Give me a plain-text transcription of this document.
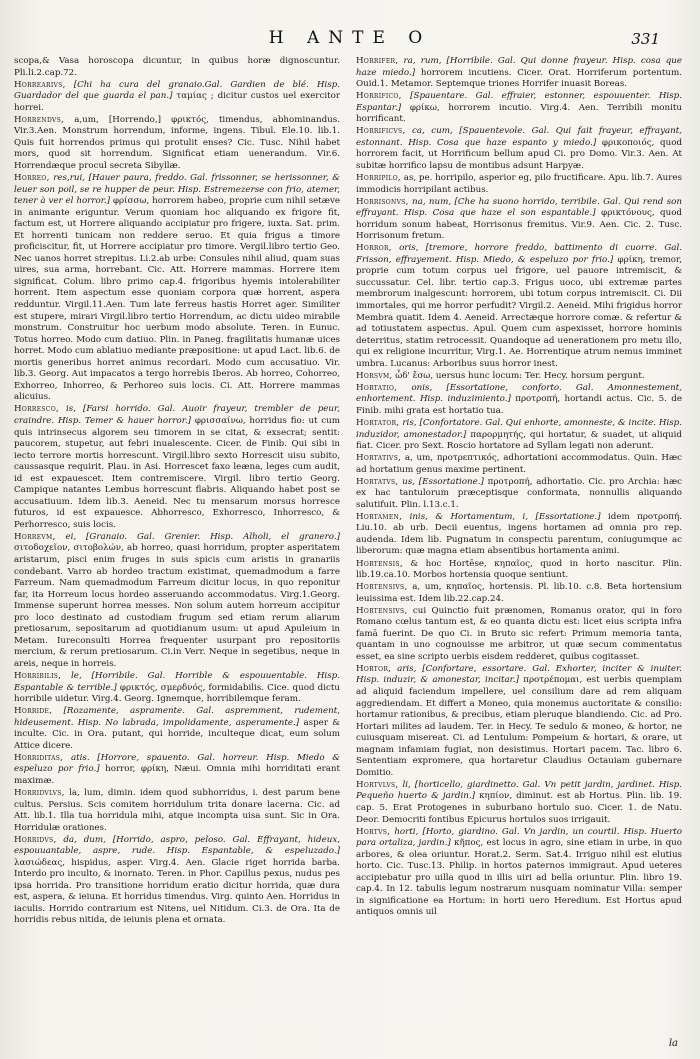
H ANTE O	331

scopa,& Vasa horoscopa dicuntur, in quibus horæ dignoscuntur. Pli.li.2.cap.72.

Horrearivs, [Chi ha cura del granaio.Gal. Gardien de blé. Hisp. Guardador del que guarda el pan.] ταμίας ; dicitur custos uel exercitor horrei.

Horrendvs, a,um, [Horrendo,] φρικτός, timendus, abhominandus. Vir.3.Aen. Monstrum horrendum, informe, ingens. Tibul. Ele.10. lib.1. Quis fuit horrendos primus qui protulit enses? Cic. Tusc. Nihil habet mors, quod sit horrendum. Significat etiam uenerandum. Vir.6. Horrendæque procul secreta Sibyllæ.

Horreo, res,rui, [Hauer paura, freddo. Gal. frissonner, se herissonner, & leuer son poil, se re hupper de peur. Hisp. Estremezerse con frio, atemer, tener à ver el horror.] φρίσσω, horrorem habeo, proprie cum nihil setæve in animante eriguntur. Verum quoniam hoc aliquando ex frigore fit, factum est, ut Horrere aliquando accipiatur pro frigere, iuxta. Sat. prim. Et horrenti tunicam non reddere seruo. Et quia frigus a timore proficiscitur, fit, ut Horrere accipiatur pro timore. Vergil.libro tertio Geo. Nec uanos horret strepitus. Li.2.ab urbe: Consules nihil aliud, quam suas uires, sua arma, horrebant. Cic. Att. Horrere mammas. Horrere item significat. Colum. libro primo cap.4. frigoribus hyemis intolerabiliter horrent. Item aspectum esse quoniam corpora quæ horrent, aspera redduntur. Virgil.11.Aen. Tum late ferreus hastis Horret ager. Similiter est stupere, mirari Virgil.libro tertio Horrendum, ac dictu uideo mirabile monstrum. Construitur hoc uerbum modo absolute. Teren. in Eunuc. Totus horreo. Modo cum datiuo. Plin. in Paneg. fragilitatis humanæ uices horret. Modo cum ablatiuo mediante præpositione: ut apud Lact. lib.6. de mortis generibus horret animus recordari. Modo cum accusatiuo. Vir. lib.3. Georg. Aut impacatos a tergo horrebis Iberos. Ab horreo, Cohorreo, Exhorreo, Inhorreo, & Perhoreo suis locis. Ci. Att. Horrere mammas alicuius.

Horresco, is, [Farsi horrido. Gal. Auoir frayeur, trembler de peur, craindre. Hisp. Temer & hauer horror.] φρισσαίνω, horridus fio: ut cum quis intrinsecus algorem seu timorem in se citat, & exsecrat; sentit: paucorem, stupetur, aut febri inualescente. Cicer. de Finib. Qui sibi in iecto terrore mortis horrescunt. Virgil.libro sexto Horrescit uisu subito, caussasque requirit. Plau. in Asi. Horrescet faxo leæna, leges cum audit, id est expauescet. Item contremiscere. Virgil. libro tertio Georg. Campique natantes Lembus horrescunt flabris. Aliquando habet post se accusatiuum. Idem lib.3. Aeneid. Nec tu mensarum morsus horresce futuros, id est expauesce. Abhorresco, Exhorresco, Inhorresco, & Perhorresco, suis locis.

Horrevm, ei, [Granaio. Gal. Grenier. Hisp. Alholi, el granero.] σιτοδοχεῖον, σιτοβολών, ab horreo, quasi horridum, propter asperitatem aristarum, pisci enim fruges in suis spicis cum aristis in granariis condebant. Varro ab hordeo tractum existimat, quemadmodum a farre Farreum. Nam quemadmodum Farreum dicitur locus, in quo reponitur far, ita Horreum locus hordeo asseruando accommodatus. Virg.1.Georg. Immense superunt horrea messes. Non solum autem horreum accipitur pro loco destinato ad custodiam frugum sed etiam rerum aliarum pretiosarum, sepositarum ad quotidianum usum: ut apud Apuleium in Metam. Iureconsulti Horrea frequenter usurpant pro repositoriis mercium, & rerum pretiosarum. Ci.in Verr. Neque in segetibus, neque in areis, neque in horreis.

Horribilis, le, [Horribile. Gal. Horrible & espouuentable. Hisp. Espantable & terrible.] φρικτός, σμερδνός, formidabilis. Cice. quod dictu horribile uidetur. Virg.4. Georg. Ignemque, horribilemque feram.

Horride, [Rozamente, aspramente. Gal. aspremment, rudement, hideusement. Hisp. No labrada, impolidamente, asperamente.] asper & inculte. Cic. in Ora. putant, qui horride, inculteque dicat, eum solum Attice dicere.

Horriditas, atis. [Horrore, spauento. Gal. horreur. Hisp. Miedo & espeluzo por frio.] horror, φρίκη, Næui. Omnia mihi horriditati erant maximæ.

Horridvlvs, la, lum, dimin. idem quod subhorridus, i. dest parum bene cultus. Persius. Scis comitem horridulum trita donare lacerna. Cic. ad Att. lib.1. Illa tua horridula mihi, atque incompta uisa sunt. Sic in Ora. Horridulæ orationes.

Horridvs, da, dum, [Horrido, aspro, peloso. Gal. Effrayant, hideux, espouuantable, aspre, rude. Hisp. Espantable, & espeluzado.] λασιώδεας, hispidus, asper. Virg.4. Aen. Glacie riget horrida barba. Interdo pro inculto, & inornato. Teren. in Phor. Capillus pexus, nudus pes ipsa horrida. Pro transitione horridum eratio dicitur horrida, quæ dura est, aspera, & ieiuna. Et horridus timendus. Virg. quinto Aen. Horridus in iaculis. Horrido contrarium est Nitens, uel Nitidum. Ci.3. de Ora. Ita de horridis rebus nitida, de ieiunis plena et ornata.

Horrifer, ra, rum, [Horribile. Gal. Qui donne frayeur. Hisp. cosa que haze miedo.] horrorem incutiens. Cicer. Orat. Horriferum portentum. Ouid.1. Metamor. Septemque triones Horrifer inuasit Boreas.

Horrifico, [Spauentare. Gal. effraier, estonner, espouuenter. Hisp. Espantar.] φρίκω, horrorem incutio. Virg.4. Aen. Terribili monitu horrificant.

Horrificvs, ca, cum, [Spauentevole. Gal. Qui fait frayeur, effrayant, estonnant. Hisp. Cosa que haze espanto y miedo.] φρικοποιός, quod horrorem facit, ut Horrificum bellum apud Ci. pro Domo. Vir.3. Aen. At subitæ horrifico lapsu de montibus adsunt Harpyæ.

Horripilo, as, pe. horripilo, asperior eg, pilo fructificare. Apu. lib.7. Aures immodicis horripilant actibus.

Horrisonvs, na, num, [Che ha suono horrido, terribile. Gal. Qui rend son effrayant. Hisp. Cosa que haze el son espantable.] φρικτόνους, quod horridum sonum habeat, Horrisonus fremitus. Vir.9. Aen. Cic. 2. Tusc. Horrisonum fretum.

Horror, oris, [tremore, horrore freddo, battimento di cuorre. Gal. Frisson, effrayement. Hisp. Miedo, & espeluzo por frio.] φρίκη, tremor, proprie cum totum corpus uel frigore, uel pauore intremiscit, & succussatur. Cel. libr. tertio cap.3. Frigus uoco, ubi extremæ partes membrorum inalgescunt: horrorem, ubi totum corpus intremiscit. Ci. Dii immortales, qui me horror perfudit? Virgil.2. Aeneid. Mihi frigidus horror Membra quatit. Idem 4. Aeneid. Arrectæque horrore comæ. & refertur & ad totiustatem aspectus. Apul. Quem cum aspexisset, horrore hominis deterritus, statim retrocessit. Quandoque ad uenerationem pro metu illo, qui ex religione incurritur, Virg.1. Ae. Horrentique atrum nemus imminet umbra. Lucanus: Arboribus suus horror inest.

Horsvm, ὧδ' ἔσω, uersus hunc locum: Ter. Hecy. horsum pergunt.

Hortatio, onis, [Essortatione, conforto. Gal. Amonnestement, enhortement. Hisp. induzimiento.] προτροπή, hortandi actus. Cic. 5. de Finib. mihi grata est hortatio tua.

Hortator, ris, [Confortatore. Gal. Qui enhorte, amonneste, & incite. Hisp. induzidor, amonestador.] παρορμητής, qui hortatur, & suadet, ut aliquid fiat. Cicer. pro Sext. Roscio hortatore ad Syllam legati non aderunt.

Hortativs, a, um, προτρεπτικός, adhortationi accommodatus. Quin. Hæc ad hortatium genus maxime pertinent.

Hortatvs, us, [Essortatione.] προτροπή, adhortatio. Cic. pro Archia: hæc ex hac tantulorum præceptisque conformata, nonnullis aliquando salutifuit. Plin. l.13.c.1.

Hortamen, inis, & Hortamentum, i, [Essortatione.] idem προτροπή. Liu.10. ab urb. Decii euentus, ingens hortamen ad omnia pro rep. audenda. Idem lib. Pugnatum in conspectu parentum, coniugumque ac liberorum: quæ magna etiam absentibus hortamenta animi.

Hortensis, & hoc Hortēse, κηπαῖος, quod in horto nascitur. Plin. lib.19.ca.10. Morbos hortensia quoque sentiunt.

Hortensivs, a, um, κηπαῖος, hortensis. Pl. lib.10. c.8. Beta hortensium leuissima est. Idem lib.22.cap.24.

Hortensivs, cui Quinctio fuit prænomen, Romanus orator, qui in foro Romano cœlus tantum est, & eo quanta dictu est: licet eius scripta infra famā fuerint. De quo Ci. in Bruto sic refert: Primum memoria tanta, quantam in uno cognouisse me arbitror, ut quæ secum commentatus esset, ea sine scripto uerbis eisdem redderet, quibus cogitasset.

Hortor, aris, [Confortare, essortare. Gal. Exhorter, inciter & inuiter. Hisp. induzir, & amonestar, incitar.] προτρέπομαι, est uerbis quempiam ad aliquid faciendum impellere, uel consilium dare ad rem aliquam aggrediendam. Et differt a Moneo, quia monemus auctoritate & consilio: hortamur rationibus, & precibus, etiam pleruque blandiendo. Cic. ad Pro. Hortari milites ad laudem. Ter. in Hecy. Te sedulo & moneo, & hortor, ne cuiusquam misereat. Ci. ad Lentulum: Pompeium & hortari, & orare, ut magnam infamiam fugiat, non desistimus. Hortari pacem. Tac. libro 6. Sententiam expromere, qua hortaretur Claudius Octauiam gubernare Domitio.

Hortvlvs, li, [horticello, giardinetto. Gal. Vn petit jardin, jardinet. Hisp. Pequeño huerto & jardin.] κηπίον, diminut. est ab Hortus. Plin. lib. 19. cap. 5. Erat Protogenes in suburbano hortulo suo. Cicer. 1. de Natu. Deor. Democriti fontibus Epicurus hortulos suos irrigauit.

Hortvs, horti, [Horto, giardino. Gal. Vn jardin, un courtil. Hisp. Huerto para ortaliza, jardin.] κῆπος, est locus in agro, sine etiam in urbe, in quo arbores, & olea oriuntur. Horat.2. Serm. Sat.4. Irriguo nihil est elutius horto. Cic. Tusc.13. Philip. in hortos paternos immigraut. Apud ueteres accipiebatur pro uilla quod in illis uiri ad bella oriuntur. Plin. libro 19. cap.4. In 12. tabulis legum nostrarum nusquam nominatur Villa: semper in significatione ea Hortum: in horti uero Heredium. Est Hortus apud antiquos omnis uil

la
